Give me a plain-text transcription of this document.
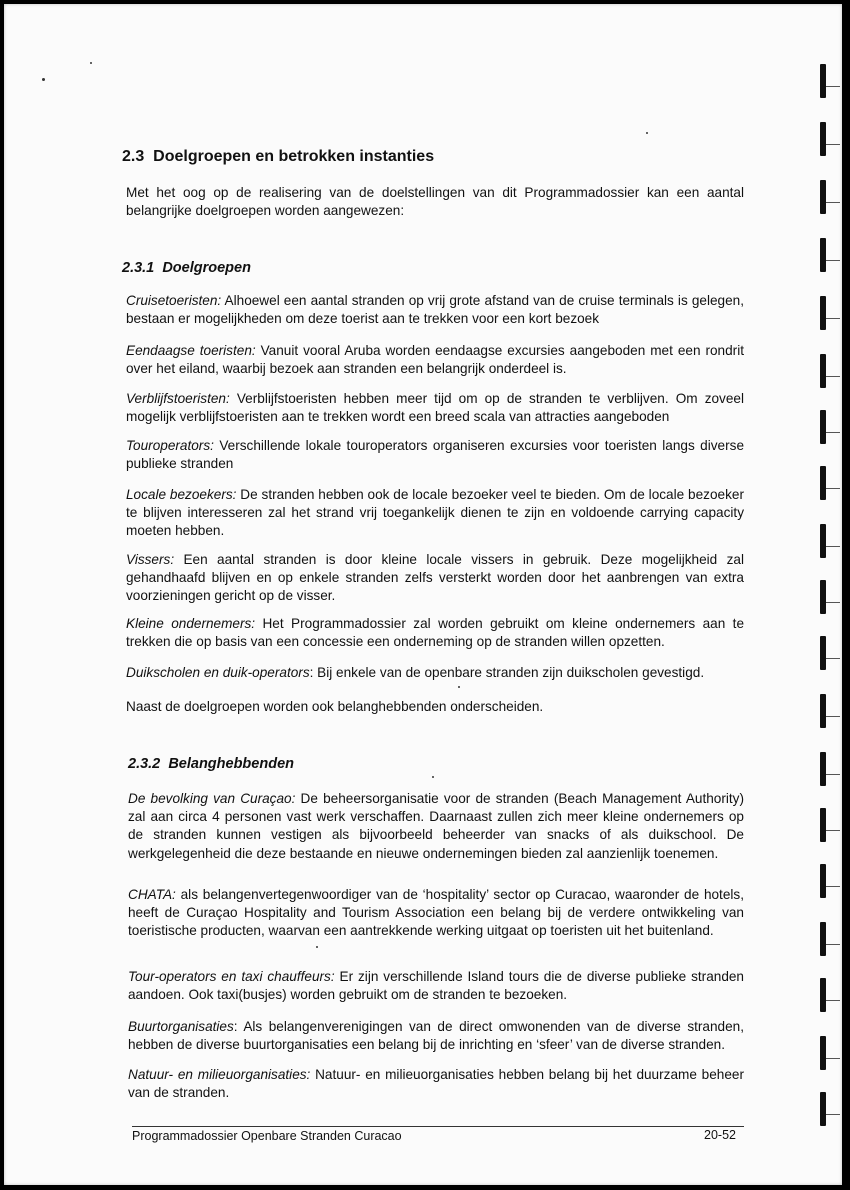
2.3 Doelgroepen en betrokken instanties

Met het oog op de realisering van de doelstellingen van dit Programmadossier kan een aantal belangrijke doelgroepen worden aangewezen:

2.3.1 Doelgroepen

Cruisetoeristen: Alhoewel een aantal stranden op vrij grote afstand van de cruise terminals is gelegen, bestaan er mogelijkheden om deze toerist aan te trekken voor een kort bezoek

Eendaagse toeristen: Vanuit vooral Aruba worden eendaagse excursies aangeboden met een rondrit over het eiland, waarbij bezoek aan stranden een belangrijk onderdeel is.

Verblijfstoeristen: Verblijfstoeristen hebben meer tijd om op de stranden te verblijven. Om zoveel mogelijk verblijfstoeristen aan te trekken wordt een breed scala van attracties aangeboden

Touroperators: Verschillende lokale touroperators organiseren excursies voor toeristen langs diverse publieke stranden

Locale bezoekers: De stranden hebben ook de locale bezoeker veel te bieden. Om de locale bezoeker te blijven interesseren zal het strand vrij toegankelijk dienen te zijn en voldoende carrying capacity moeten hebben.

Vissers: Een aantal stranden is door kleine locale vissers in gebruik. Deze mogelijkheid zal gehandhaafd blijven en op enkele stranden zelfs versterkt worden door het aanbrengen van extra voorzieningen gericht op de visser.

Kleine ondernemers: Het Programmadossier zal worden gebruikt om kleine ondernemers aan te trekken die op basis van een concessie een onderneming op de stranden willen opzetten.

Duikscholen en duik-operators: Bij enkele van de openbare stranden zijn duikscholen gevestigd.

Naast de doelgroepen worden ook belanghebbenden onderscheiden.

2.3.2 Belanghebbenden

De bevolking van Curaçao: De beheersorganisatie voor de stranden (Beach Management Authority) zal aan circa 4 personen vast werk verschaffen. Daarnaast zullen zich meer kleine ondernemers op de stranden kunnen vestigen als bijvoorbeeld beheerder van snacks of als duikschool. De werkgelegenheid die deze bestaande en nieuwe ondernemingen bieden zal aanzienlijk toenemen.

CHATA: als belangenvertegenwoordiger van de ‘hospitality’ sector op Curacao, waaronder de hotels, heeft de Curaçao Hospitality and Tourism Association een belang bij de verdere ontwikkeling van toeristische producten, waarvan een aantrekkende werking uitgaat op toeristen uit het buitenland.

Tour-operators en taxi chauffeurs: Er zijn verschillende Island tours die de diverse publieke stranden aandoen. Ook taxi(busjes) worden gebruikt om de stranden te bezoeken.

Buurtorganisaties: Als belangenverenigingen van de direct omwonenden van de diverse stranden, hebben de diverse buurtorganisaties een belang bij de inrichting en ‘sfeer’ van de diverse stranden.

Natuur- en milieuorganisaties: Natuur- en milieuorganisaties hebben belang bij het duurzame beheer van de stranden.

Programmadossier Openbare Stranden Curacao	20-52
